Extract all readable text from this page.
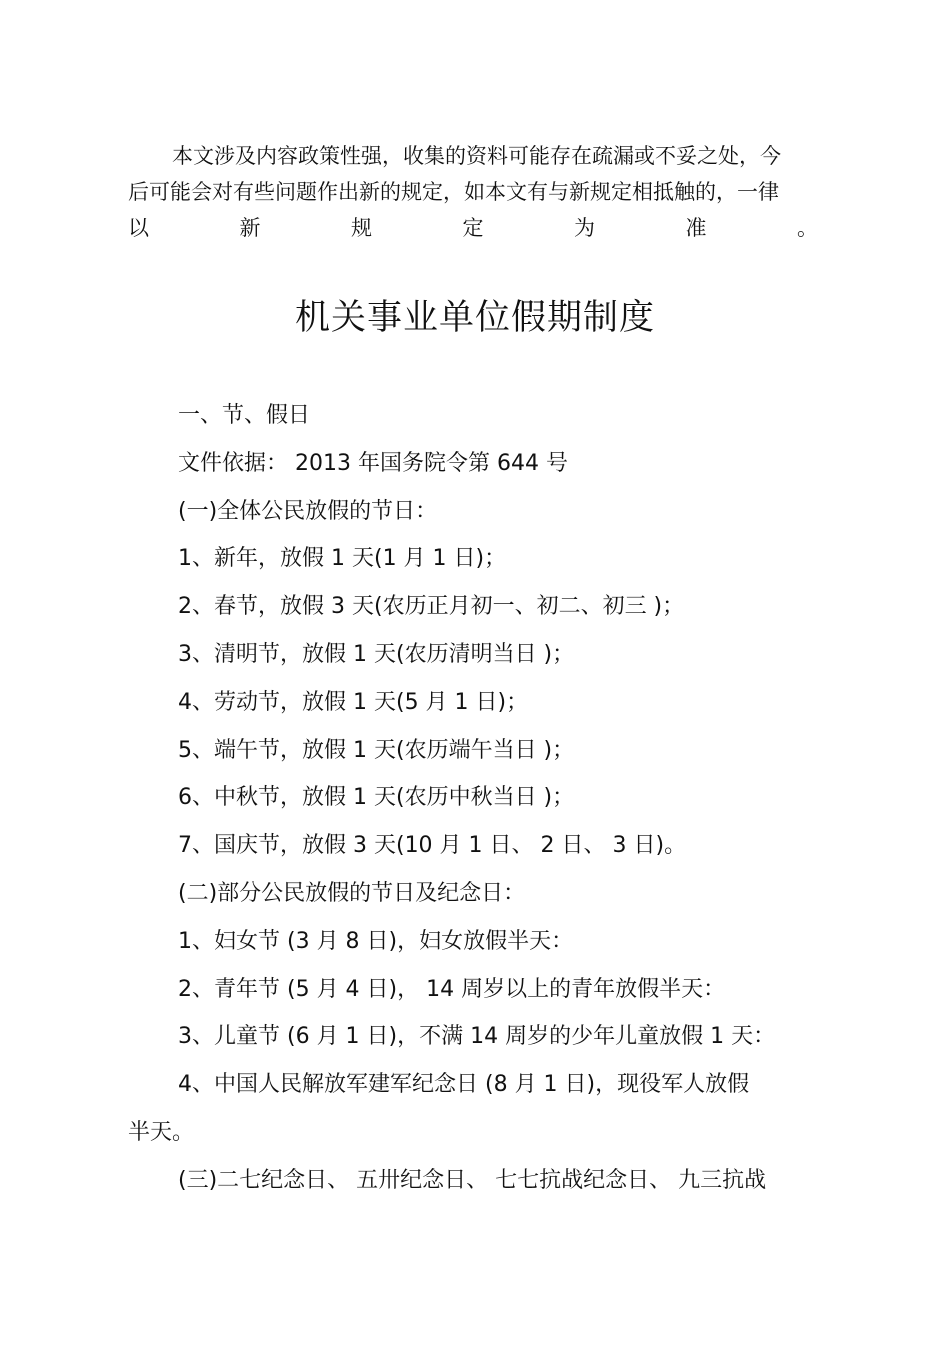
本文涉及内容政策性强，收集的资料可能存在疏漏或不妥之处，今
后可能会对有些问题作出新的规定，如本文有与新规定相抵触的，一律
以	新	规	定	为	准	。
机关事业单位假期制度
一、节、假日
文件依据： 2013 年国务院令第 644 号
(一)全体公民放假的节日：
1、新年，放假 1 天(1 月 1 日)；
2、春节，放假 3 天(农历正月初一、初二、初三 )；
3、清明节，放假 1 天(农历清明当日 )；
4、劳动节，放假 1 天(5 月 1 日)；
5、端午节，放假 1 天(农历端午当日 )；
6、中秋节，放假 1 天(农历中秋当日 )；
7、国庆节，放假 3 天(10 月 1 日、 2 日、 3 日)。
(二)部分公民放假的节日及纪念日：
1、妇女节 (3 月 8 日)，妇女放假半天：
2、青年节 (5 月 4 日)， 14 周岁以上的青年放假半天：
3、儿童节 (6 月 1 日)，不满 14 周岁的少年儿童放假 1 天：
4、中国人民解放军建军纪念日 (8 月 1 日)，现役军人放假
半天。
(三)二七纪念日、 五卅纪念日、 七七抗战纪念日、 九三抗战
